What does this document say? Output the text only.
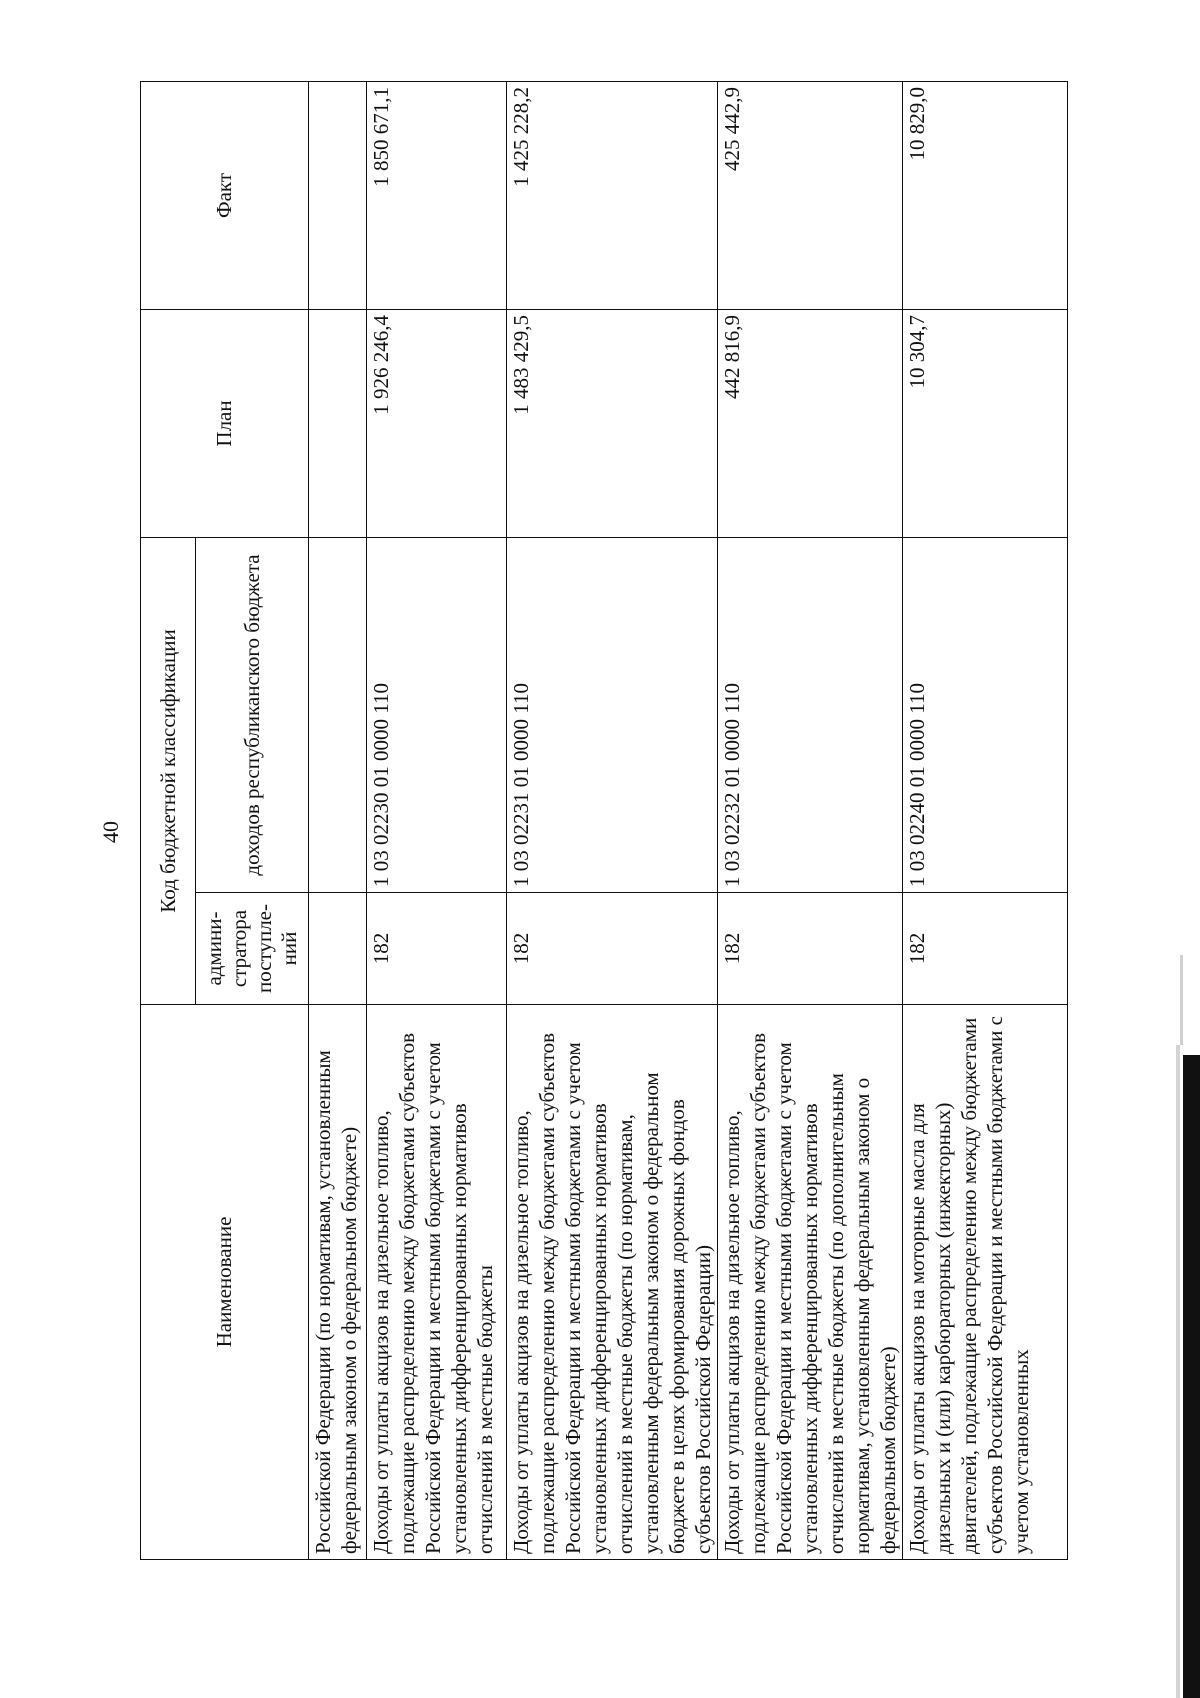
40
Наименование	Код бюджетной классификации		План	Факт
	админи-стратора поступле-ний	доходов республиканского бюджета		
Российской Федерации (по нормативам, установленным федеральным законом о федеральном бюджете)				
Доходы от уплаты акцизов на дизельное топливо, подлежащие распределению между бюджетами субъектов Российской Федерации и местными бюджетами с учетом установленных дифференцированных нормативов отчислений в местные бюджеты	182	1 03 02230 01 0000 110	1 926 246,4	1 850 671,1
Доходы от уплаты акцизов на дизельное топливо, подлежащие распределению между бюджетами субъектов Российской Федерации и местными бюджетами с учетом установленных дифференцированных нормативов отчислений в местные бюджеты (по нормативам, установленным федеральным законом о федеральном бюджете в целях формирования дорожных фондов субъектов Российской Федерации)	182	1 03 02231 01 0000 110	1 483 429,5	1 425 228,2
Доходы от уплаты акцизов на дизельное топливо, подлежащие распределению между бюджетами субъектов Российской Федерации и местными бюджетами с учетом установленных дифференцированных нормативов отчислений в местные бюджеты (по дополнительным нормативам, установленным федеральным законом о федеральном бюджете)	182	1 03 02232 01 0000 110	442 816,9	425 442,9
Доходы от уплаты акцизов на моторные масла для дизельных и (или) карбюраторных (инжекторных) двигателей, подлежащие распределению между бюджетами субъектов Российской Федерации и местными бюджетами с учетом установленных	182	1 03 02240 01 0000 110	10 304,7	10 829,0
